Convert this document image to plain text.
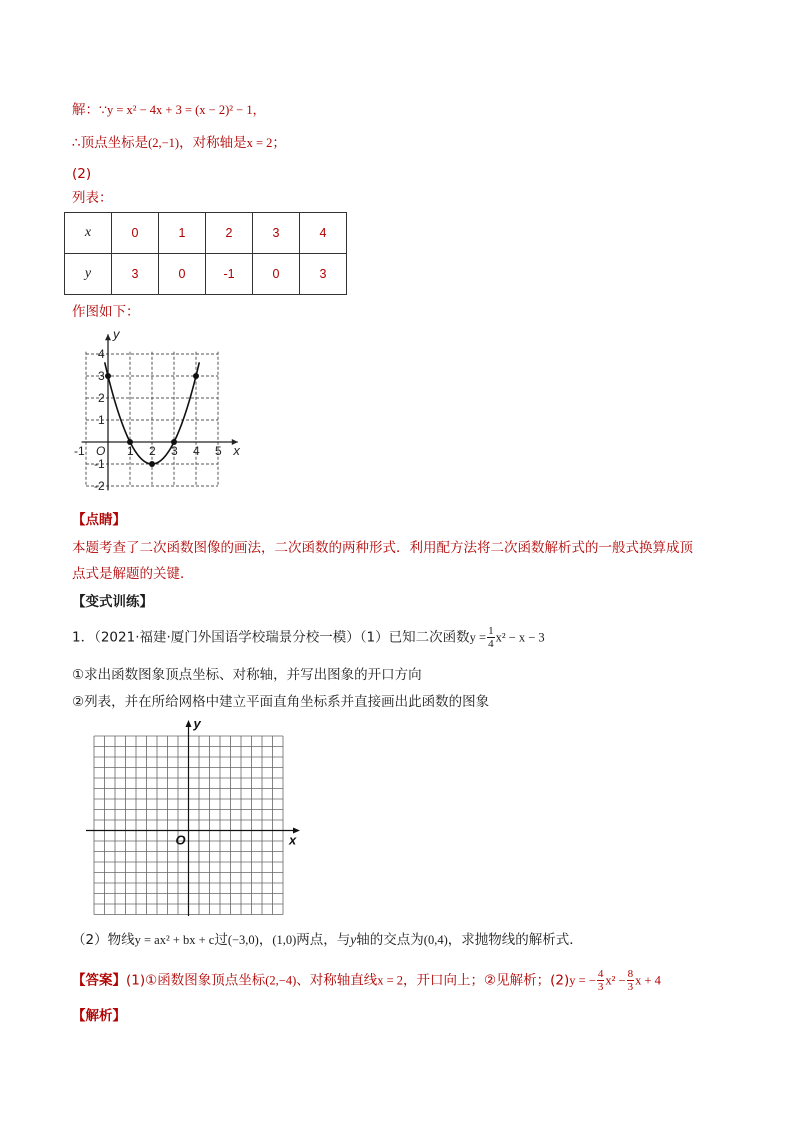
解：∵y = x² − 4x + 3 = (x − 2)² − 1，
∴顶点坐标是(2,−1)，对称轴是x = 2；
(2)
列表：
x	0	1	2	3	4
y	3	0	-1	0	3
作图如下：
x
y
O
-1	1 2 3 4 5
4
3
2
1
-1
-2
【点睛】
本题考查了二次函数图像的画法，二次函数的两种形式．利用配方法将二次函数解析式的一般式换算成顶
点式是解题的关键．
【变式训练】
1．（2021·福建·厦门外国语学校瑞景分校一模）（1）已知二次函数$y = \frac{1}{4} x^2 - x - 3$
①求出函数图象顶点坐标、对称轴，并写出图象的开口方向
②列表，并在所给网格中建立平面直角坐标系并直接画出此函数的图象
x
y
O
（2）物线y = ax² + bx + c过(−3,0)，(1,0)两点，与y轴的交点为(0,4)，求抛物线的解析式．
【答案】(1)①函数图象顶点坐标(2,−4)、对称轴直线x = 2，开口向上；②见解析；(2)y = − $\frac{4}{3} x^2 - \frac{8}{3}$ x + 4
【解析】
